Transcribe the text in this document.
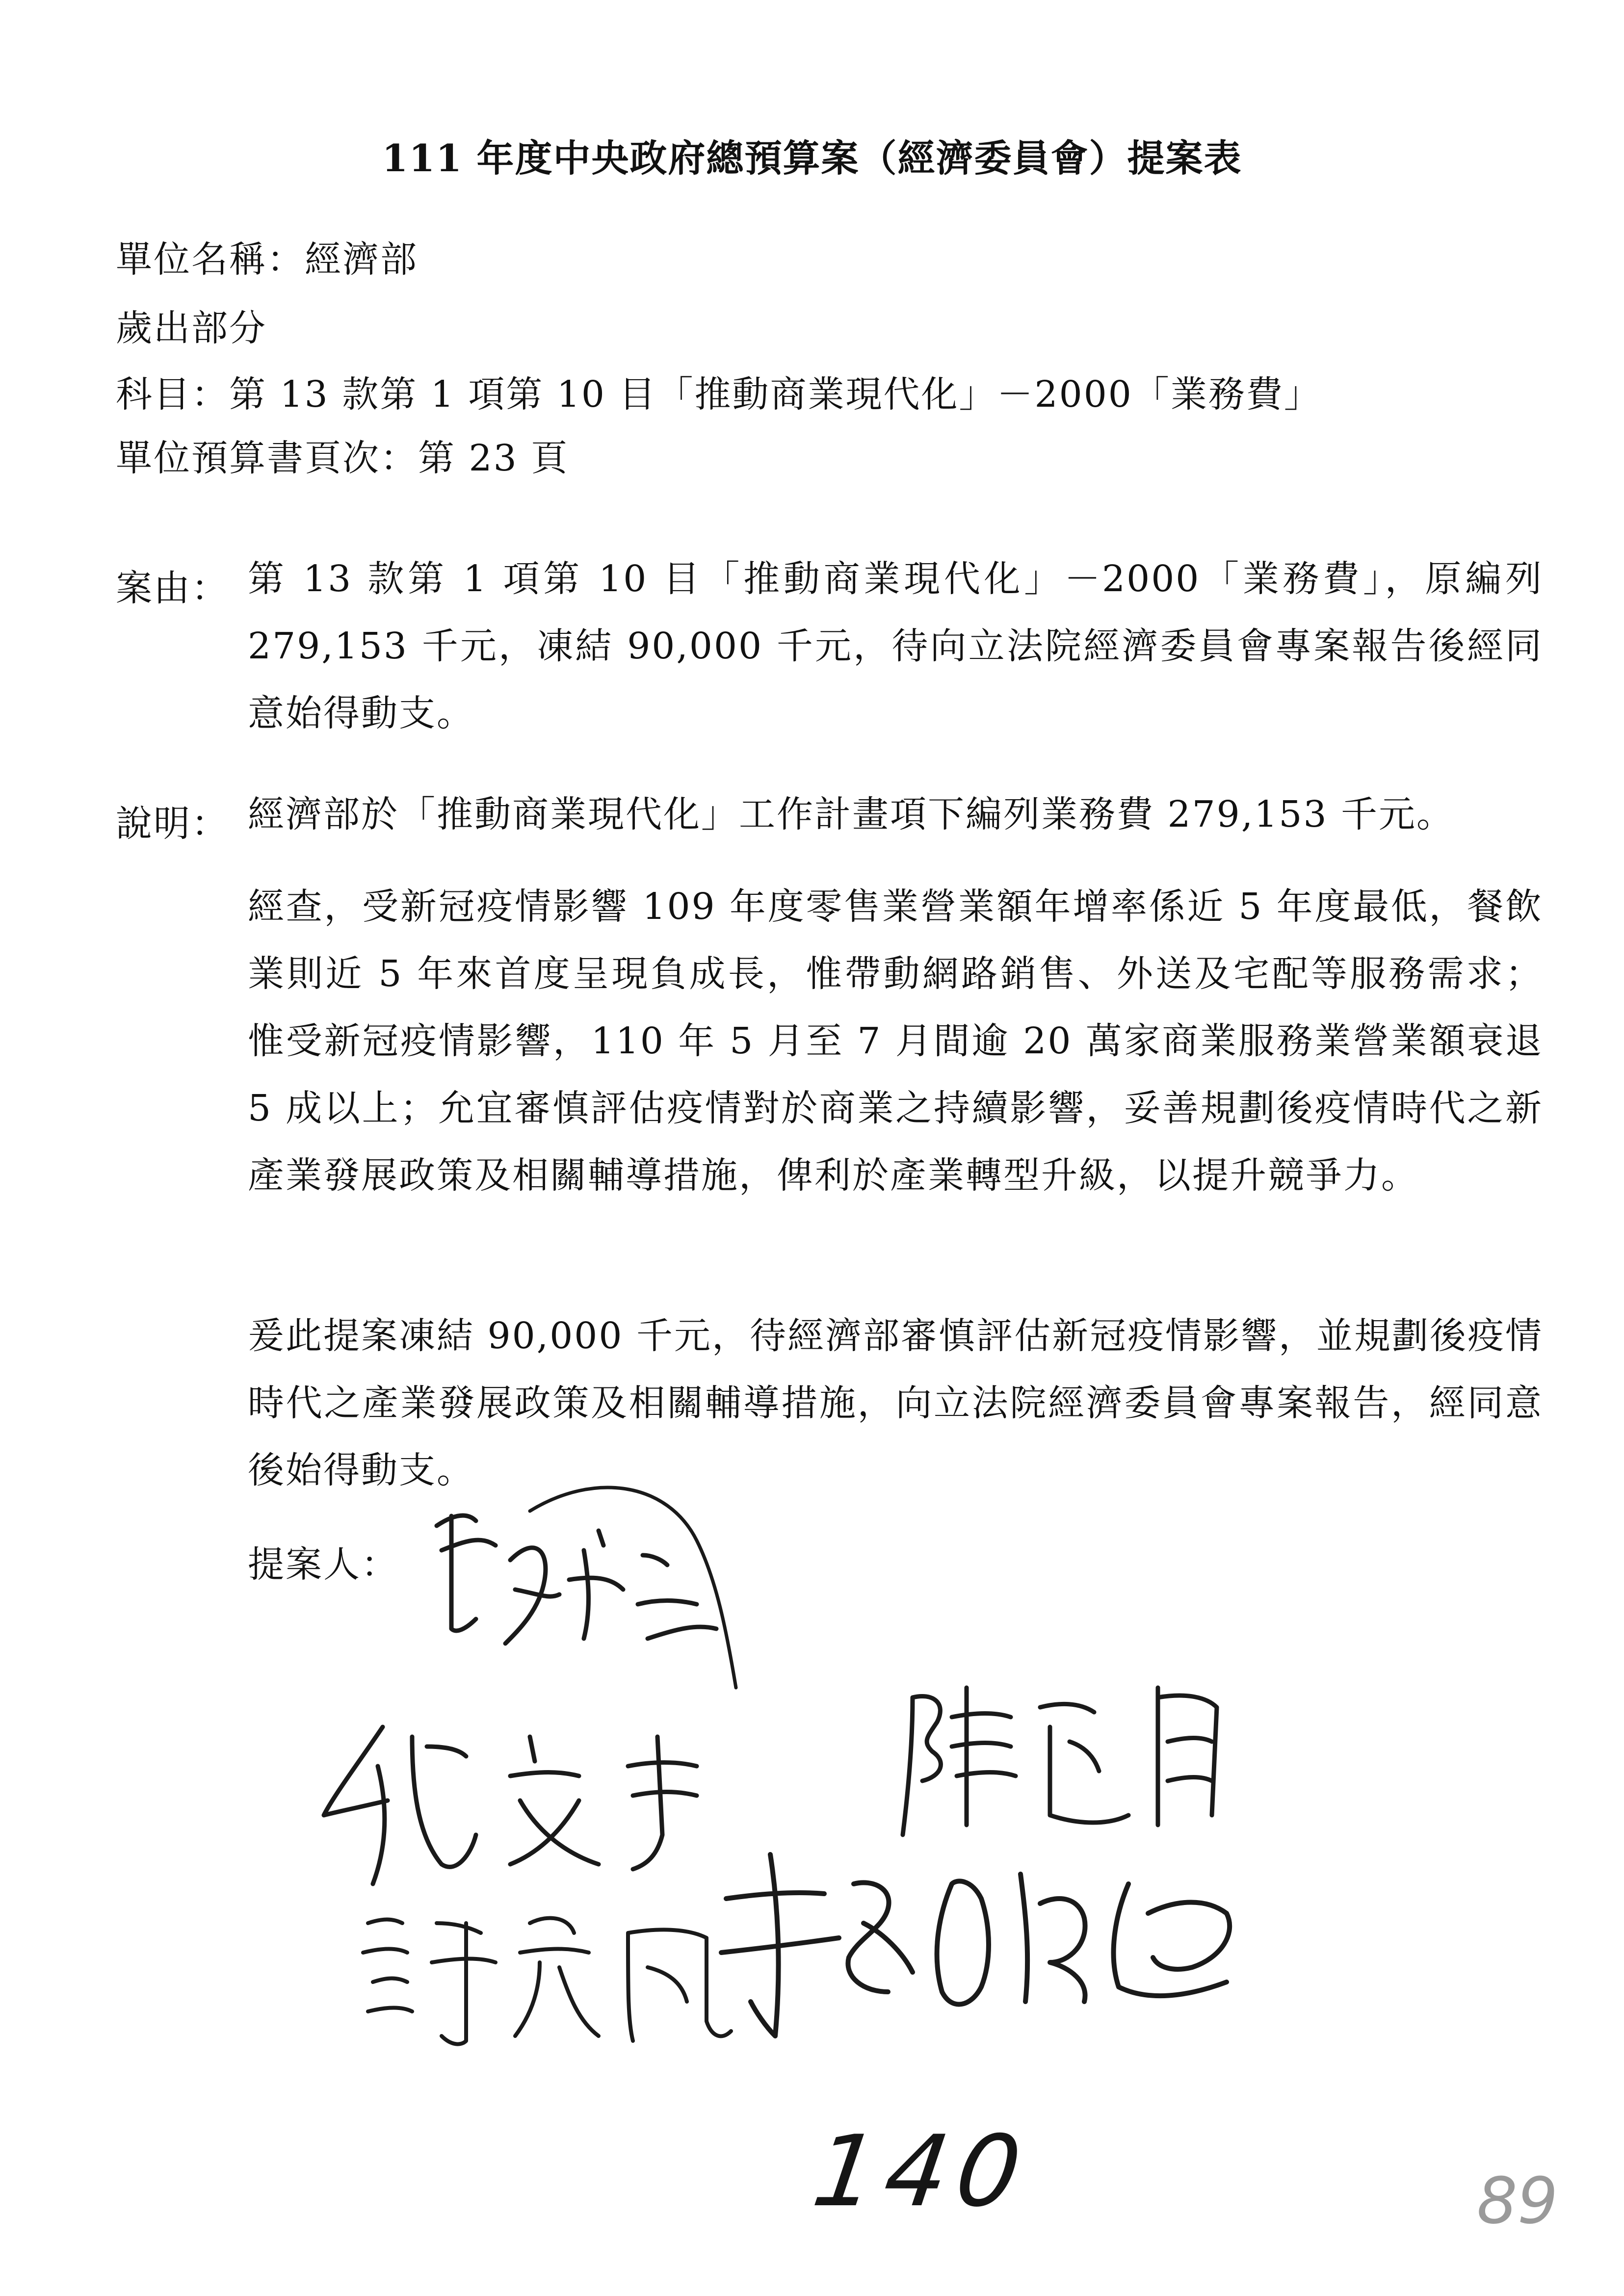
111 年度中央政府總預算案（經濟委員會）提案表
單位名稱：經濟部
歲出部分
科目：第 13 款第 1 項第 10 目「推動商業現代化」－2000「業務費」
單位預算書頁次：第 23 頁
案由： 第 13 款第 1 項第 10 目「推動商業現代化」－2000「業務費」，原編列 279,153 千元，凍結 90,000 千元，待向立法院經濟委員會專案報告後經同意始得動支。
說明： 經濟部於「推動商業現代化」工作計畫項下編列業務費 279,153 千元。
經查，受新冠疫情影響 109 年度零售業營業額年增率係近 5 年度最低，餐飲業則近 5 年來首度呈現負成長，惟帶動網路銷售、外送及宅配等服務需求；惟受新冠疫情影響，110 年 5 月至 7 月間逾 20 萬家商業服務業營業額衰退 5 成以上；允宜審慎評估疫情對於商業之持續影響，妥善規劃後疫情時代之新產業發展政策及相關輔導措施，俾利於產業轉型升級，以提升競爭力。
爰此提案凍結 90,000 千元，待經濟部審慎評估新冠疫情影響，並規劃後疫情時代之產業發展政策及相關輔導措施，向立法院經濟委員會專案報告，經同意後始得動支。
提案人：
140	89
